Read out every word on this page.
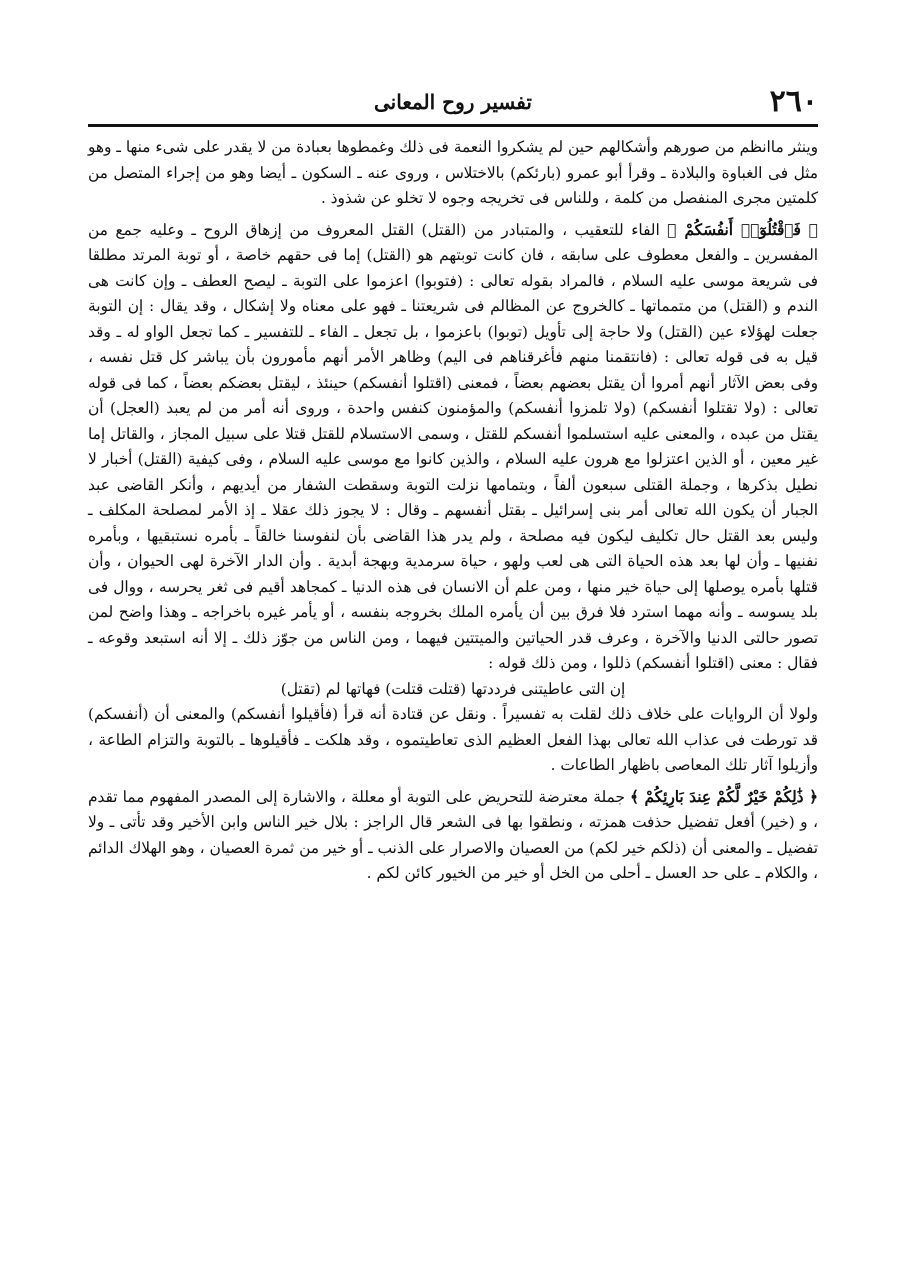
٢٦٠
تفسير روح المعانى

وينثر ماانظم من صورهم وأشكالهم حين لم يشكروا النعمة فى ذلك وغمطوها بعبادة من لا يقدر على شىء منها ـ وهو مثل فى الغباوة والبلادة ـ وقرأ أبو عمرو (بارئكم) بالاختلاس ، وروى عنه ـ السكون ـ أيضا وهو من إجراء المتصل من كلمتين مجرى المنفصل من كلمة ، وللناس فى تخريجه وجوه لا تخلو عن شذوذ .

﴿ فَٱقْتُلُوٓا۟ أَنفُسَكُمْ ﴾ الفاء للتعقيب ، والمتبادر من (القتل) القتل المعروف من إزهاق الروح ـ وعليه جمع من المفسرين ـ والفعل معطوف على سابقه ، فان كانت توبتهم هو (القتل) إما فى حقهم خاصة ، أو توبة المرتد مطلقا فى شريعة موسى عليه السلام ، فالمراد بقوله تعالى : (فتوبوا) اعزموا على التوبة ـ ليصح العطف ـ وإن كانت هى الندم و (القتل) من متمماتها ـ كالخروج عن المظالم فى شريعتنا ـ فهو على معناه ولا إشكال ، وقد يقال : إن التوبة جعلت لهؤلاء عين (القتل) ولا حاجة إلى تأويل (توبوا) باعزموا ، بل تجعل ـ الفاء ـ للتفسير ـ كما تجعل الواو له ـ وقد قيل به فى قوله تعالى : (فانتقمنا منهم فأغرقناهم فى اليم) وظاهر الأمر أنهم مأمورون بأن يباشر كل قتل نفسه ، وفى بعض الآثار أنهم أمروا أن يقتل بعضهم بعضاً ، فمعنى (اقتلوا أنفسكم) حينئذ ، ليقتل بعضكم بعضاً ، كما فى قوله تعالى : (ولا تقتلوا أنفسكم) (ولا تلمزوا أنفسكم) والمؤمنون كنفس واحدة ، وروى أنه أمر من لم يعبد (العجل) أن يقتل من عبده ، والمعنى عليه استسلموا أنفسكم للقتل ، وسمى الاستسلام للقتل قتلا على سبيل المجاز ، والقاتل إما غير معين ، أو الذين اعتزلوا مع هرون عليه السلام ، والذين كانوا مع موسى عليه السلام ، وفى كيفية (القتل) أخبار لا نطيل بذكرها ، وجملة القتلى سبعون ألفاً ، وبتمامها نزلت التوبة وسقطت الشفار من أيديهم ، وأنكر القاضى عبد الجبار أن يكون الله تعالى أمر بنى إسرائيل ـ بقتل أنفسهم ـ وقال : لا يجوز ذلك عقلا ـ إذ الأمر لمصلحة المكلف ـ وليس بعد القتل حال تكليف ليكون فيه مصلحة ، ولم يدر هذا القاضى بأن لنفوسنا خالقاً ـ بأمره نستبقيها ، وبأمره نفنيها ـ وأن لها بعد هذه الحياة التى هى لعب ولهو ، حياة سرمدية وبهجة أبدية . وأن الدار الآخرة لهى الحيوان ، وأن قتلها بأمره يوصلها إلى حياة خير منها ، ومن علم أن الانسان فى هذه الدنيا ـ كمجاهد أقيم فى ثغر يحرسه ، ووال فى بلد يسوسه ـ وأنه مهما استرد فلا فرق بين أن يأمره الملك بخروجه بنفسه ، أو يأمر غيره باخراجه ـ وهذا واضح لمن تصور حالتى الدنيا والآخرة ، وعرف قدر الحياتين والميتتين فيهما ، ومن الناس من جوّز ذلك ـ إلا أنه استبعد وقوعه ـ فقال : معنى (اقتلوا أنفسكم) ذللوا ، ومن ذلك قوله :

إن التى عاطيتنى فرددتها (قتلت قتلت) فهاتها لم (تقتل)

ولولا أن الروايات على خلاف ذلك لقلت به تفسيراً . ونقل عن قتادة أنه قرأ (فأقيلوا أنفسكم) والمعنى أن (أنفسكم) قد تورطت فى عذاب الله تعالى بهذا الفعل العظيم الذى تعاطيتموه ، وقد هلكت ـ فأقيلوها ـ بالتوبة والتزام الطاعة ، وأزيلوا آثار تلك المعاصى باظهار الطاعات .

﴿ ذَٰلِكُمْ خَيْرٌ لَّكُمْ عِندَ بَارِئِكُمْ ﴾ جملة معترضة للتحريض على التوبة أو معللة ، والاشارة إلى المصدر المفهوم مما تقدم ، و (خير) أفعل تفضيل حذفت همزته ، ونطقوا بها فى الشعر قال الراجز : بلال خير الناس وابن الأخير وقد تأتى ـ ولا تفضيل ـ والمعنى أن (ذلكم خير لكم) من العصيان والاصرار على الذنب ـ أو خير من ثمرة العصيان ، وهو الهلاك الدائم ، والكلام ـ على حد العسل ـ أحلى من الخل أو خير من الخيور كائن لكم .
